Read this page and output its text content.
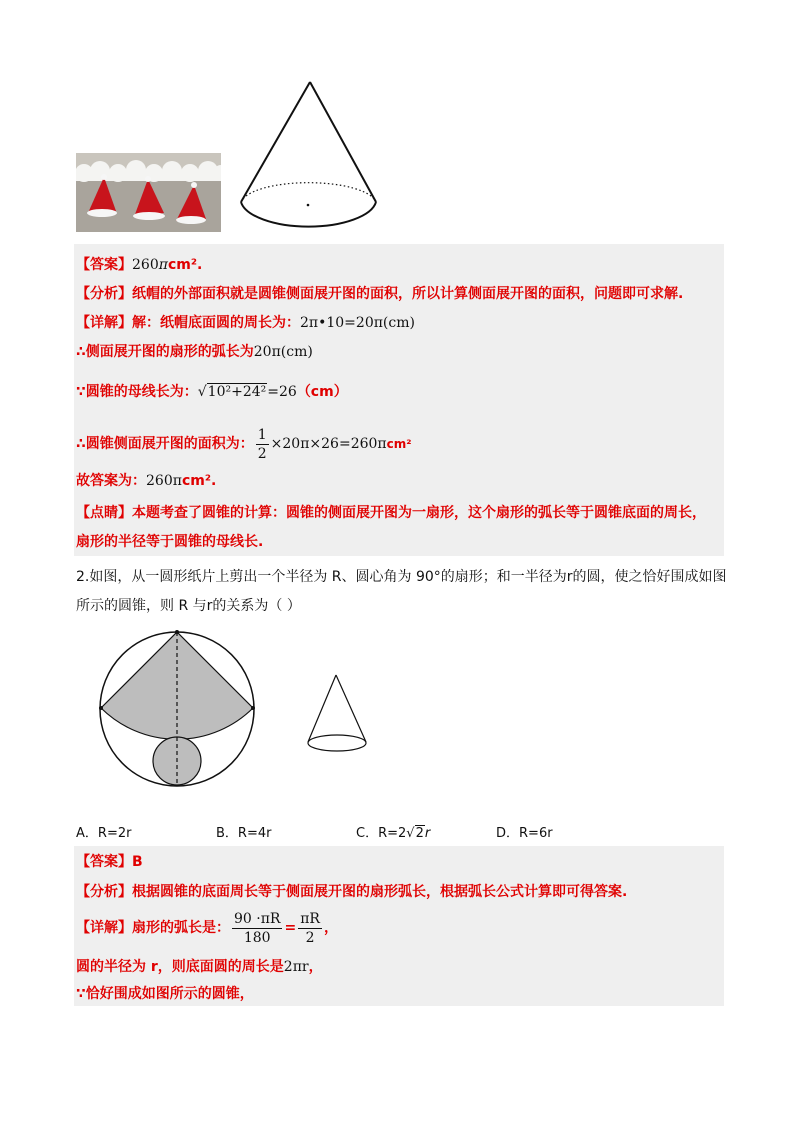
【答案】260πcm².
【分析】纸帽的外部面积就是圆锥侧面展开图的面积，所以计算侧面展开图的面积，问题即可求解.
【详解】解：纸帽底面圆的周长为：2π•10=20π(cm)
∴侧面展开图的扇形的弧长为20π(cm)
∵圆锥的母线长为：√10²+24²=26（cm）
∴圆锥侧面展开图的面积为： $\frac{1}{2} \times 20\pi\times 26=260\pi cm^2$
故答案为：260πcm².
【点睛】本题考查了圆锥的计算：圆锥的侧面展开图为一扇形，这个扇形的弧长等于圆锥底面的周长，
扇形的半径等于圆锥的母线长.
2.如图，从一圆形纸片上剪出一个半径为 R、圆心角为 90°的扇形；和一半径为r的圆，使之恰好围成如图
所示的圆锥，则 R 与r的关系为（ ）
A．R=2r	B．R=4r	C．R=2√2r	D．R=6r
【答案】B
【分析】根据圆锥的底面周长等于侧面展开图的扇形弧长，根据弧长公式计算即可得答案.
【详解】扇形的弧长是： $\frac{90 \cdot\pi R}{180} = \frac{\pi R}{2}$ ，
圆的半径为 r，则底面圆的周长是2πr，
∵恰好围成如图所示的圆锥，
